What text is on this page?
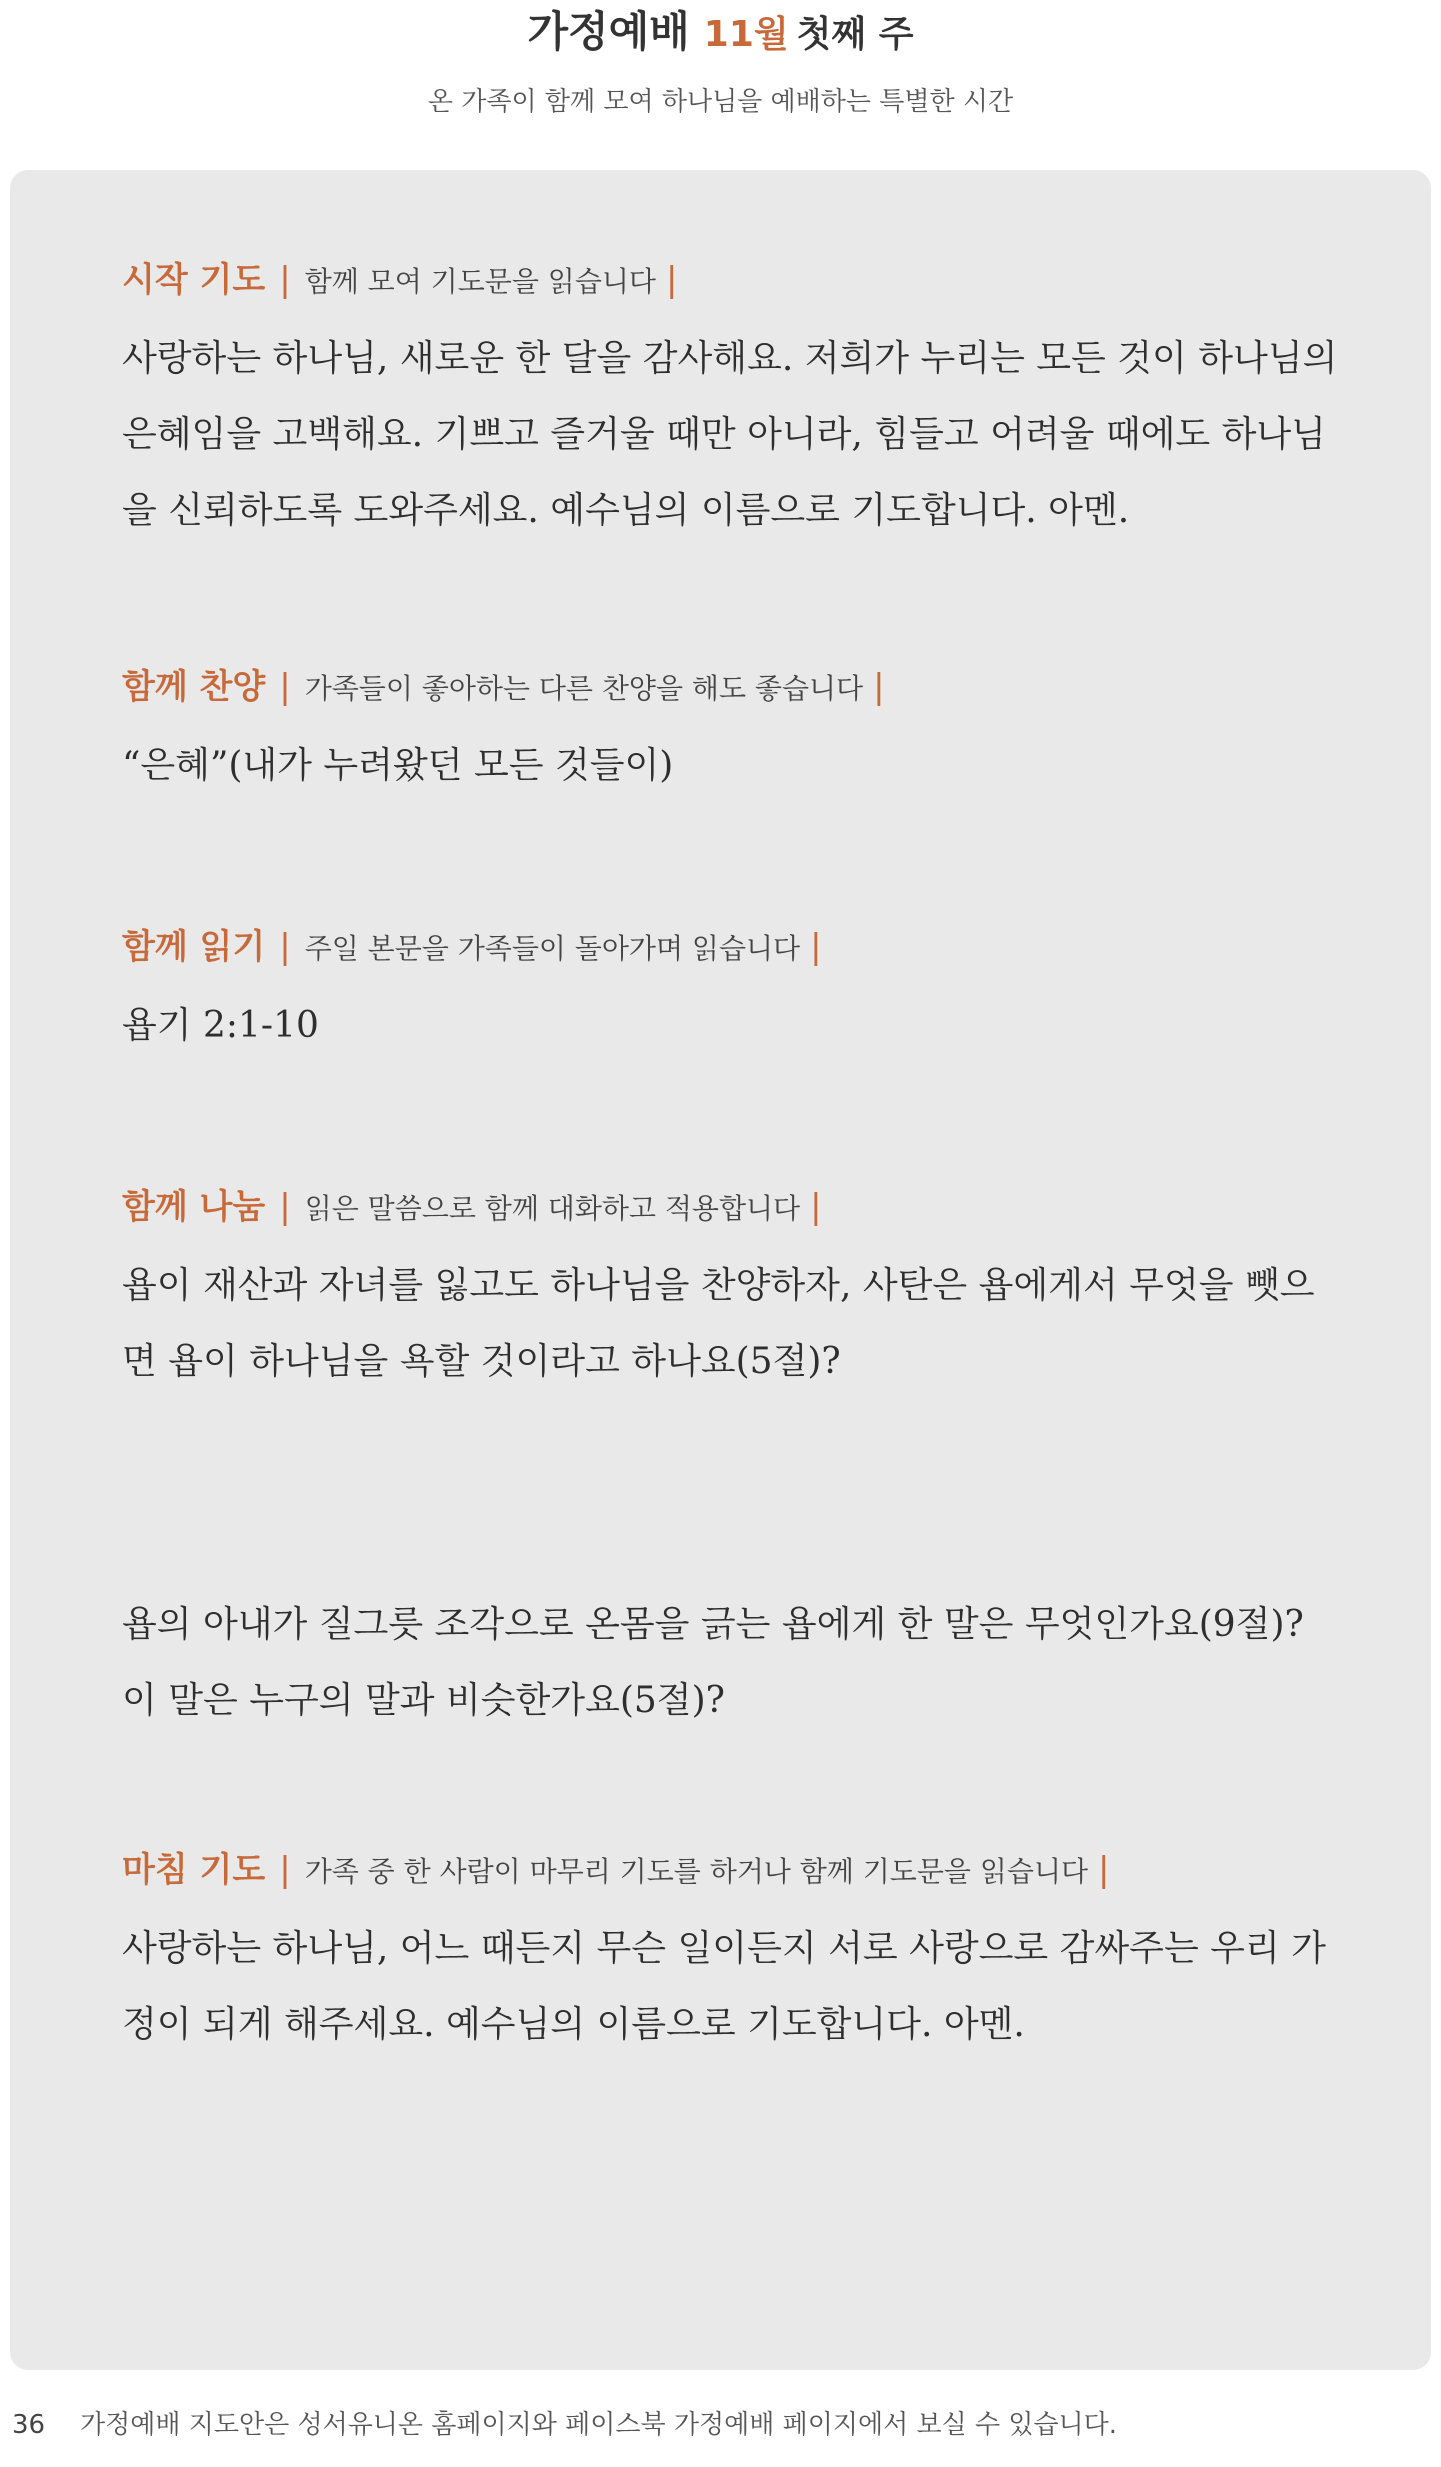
가정예배 11월 첫째 주
온 가족이 함께 모여 하나님을 예배하는 특별한 시간
시작 기도 | 함께 모여 기도문을 읽습니다 |

사랑하는 하나님, 새로운 한 달을 감사해요. 저희가 누리는 모든 것이 하나님의 은혜임을 고백해요. 기쁘고 즐거울 때만 아니라, 힘들고 어려울 때에도 하나님을 신뢰하도록 도와주세요. 예수님의 이름으로 기도합니다. 아멘.

함께 찬양 | 가족들이 좋아하는 다른 찬양을 해도 좋습니다 |

“은혜”(내가 누려왔던 모든 것들이)

함께 읽기 | 주일 본문을 가족들이 돌아가며 읽습니다 |

욥기 2:1-10

함께 나눔 | 읽은 말씀으로 함께 대화하고 적용합니다 |

욥이 재산과 자녀를 잃고도 하나님을 찬양하자, 사탄은 욥에게서 무엇을 뺏으면 욥이 하나님을 욕할 것이라고 하나요(5절)?

욥의 아내가 질그릇 조각으로 온몸을 긁는 욥에게 한 말은 무엇인가요(9절)? 이 말은 누구의 말과 비슷한가요(5절)?

마침 기도 | 가족 중 한 사람이 마무리 기도를 하거나 함께 기도문을 읽습니다 |

사랑하는 하나님, 어느 때든지 무슨 일이든지 서로 사랑으로 감싸주는 우리 가정이 되게 해주세요. 예수님의 이름으로 기도합니다. 아멘.

36 가정예배 지도안은 성서유니온 홈페이지와 페이스북 가정예배 페이지에서 보실 수 있습니다.
